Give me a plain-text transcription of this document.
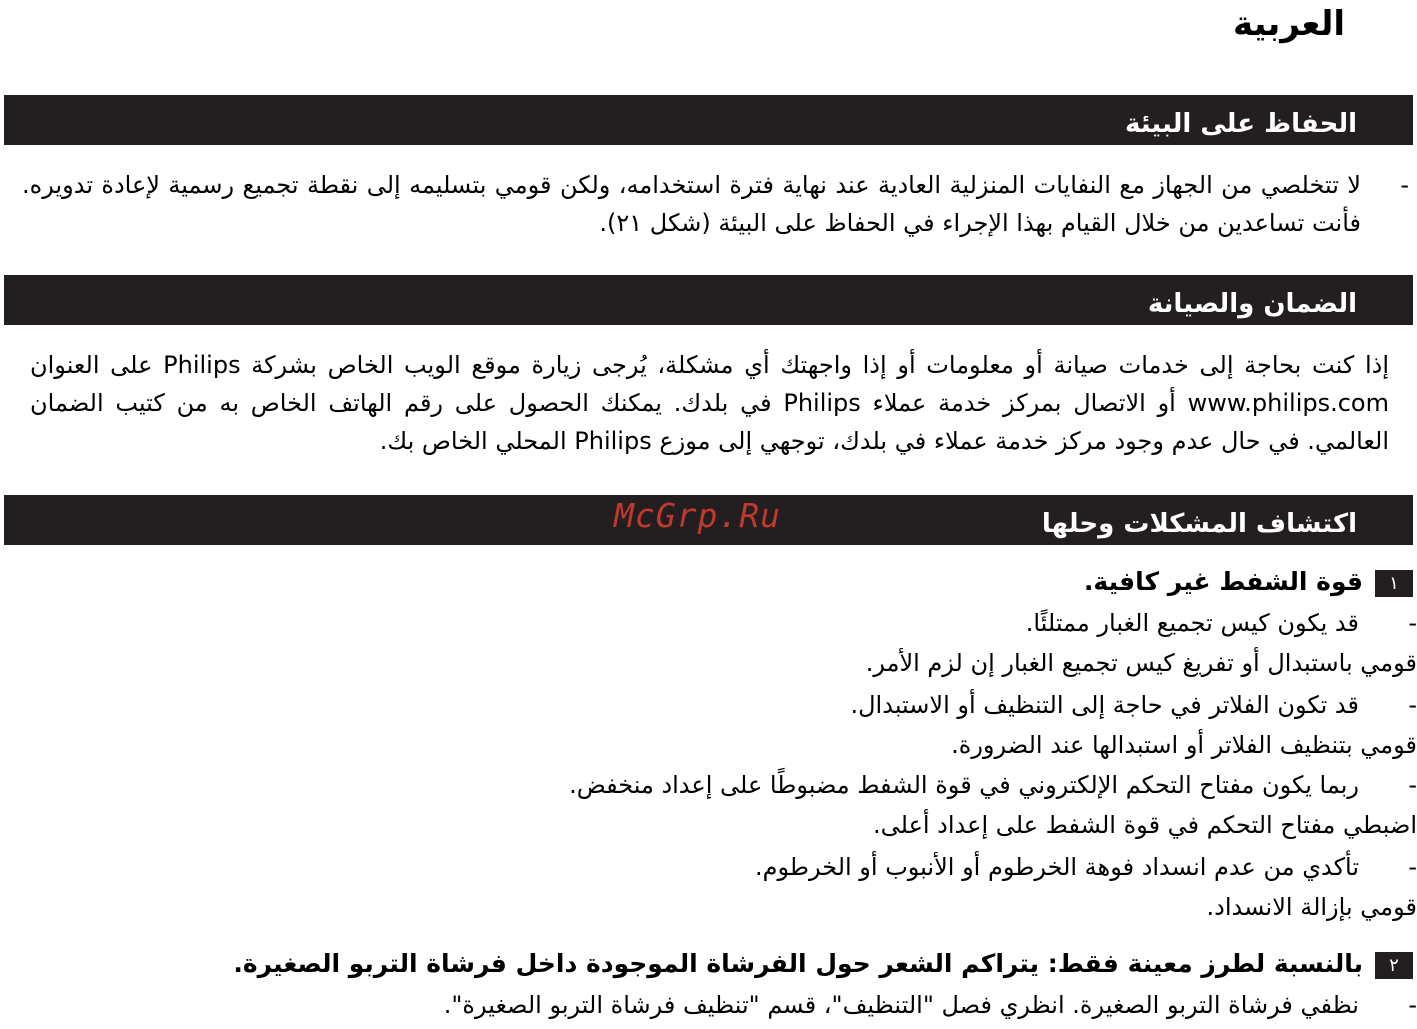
العربية
الحفاظ على البيئة
-
لا تتخلصي من الجهاز مع النفايات المنزلية العادية عند نهاية فترة استخدامه، ولكن قومي بتسليمه إلى نقطة تجميع رسمية لإعادة تدويره. فأنت تساعدين من خلال القيام بهذا الإجراء في الحفاظ على البيئة (شكل ٢١).
الضمان والصيانة
إذا كنت بحاجة إلى خدمات صيانة أو معلومات أو إذا واجهتك أي مشكلة، يُرجى زيارة موقع الويب الخاص بشركة Philips على العنوان www.philips.com أو الاتصال بمركز خدمة عملاء Philips في بلدك. يمكنك الحصول على رقم الهاتف الخاص به من كتيب الضمان العالمي. في حال عدم وجود مركز خدمة عملاء في بلدك، توجهي إلى موزع Philips المحلي الخاص بك.
اكتشاف المشكلات وحلها
McGrp.Ru
١قوة الشفط غير كافية.
-قد يكون كيس تجميع الغبار ممتلئًا.
قومي باستبدال أو تفريغ كيس تجميع الغبار إن لزم الأمر.
-قد تكون الفلاتر في حاجة إلى التنظيف أو الاستبدال.
قومي بتنظيف الفلاتر أو استبدالها عند الضرورة.
-ربما يكون مفتاح التحكم الإلكتروني في قوة الشفط مضبوطًا على إعداد منخفض.
اضبطي مفتاح التحكم في قوة الشفط على إعداد أعلى.
-تأكدي من عدم انسداد فوهة الخرطوم أو الأنبوب أو الخرطوم.
قومي بإزالة الانسداد.
٢بالنسبة لطرز معينة فقط: يتراكم الشعر حول الفرشاة الموجودة داخل فرشاة التربو الصغيرة.
-نظفي فرشاة التربو الصغيرة. انظري فصل "التنظيف"، قسم "تنظيف فرشاة التربو الصغيرة".
